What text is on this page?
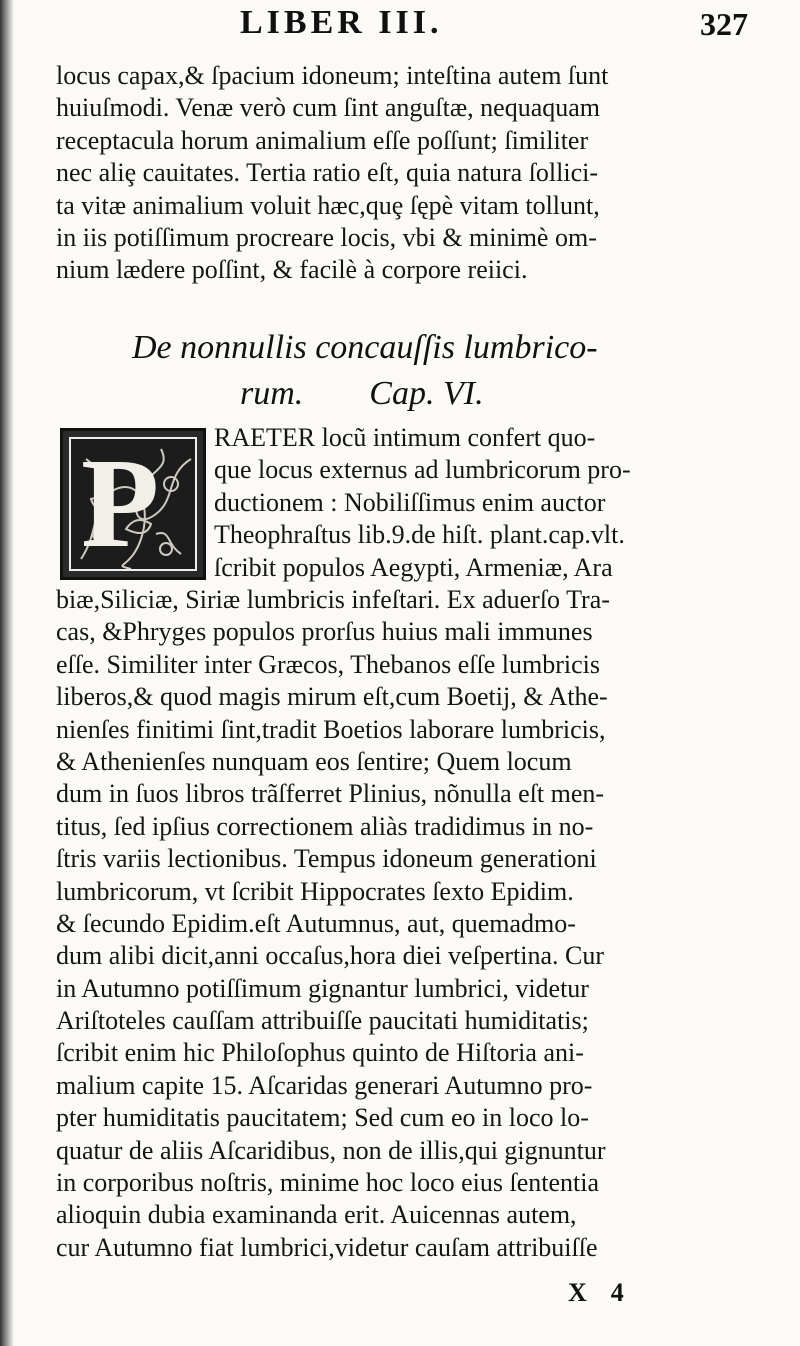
LIBER III.	327
locus capax,& ſpacium idoneum; inteſtina autem ſunt
huiuſmodi. Venæ verò cum ſint anguſtæ, nequaquam
receptacula horum animalium eſſe poſſunt; ſimiliter
nec aliȩ cauitates. Tertia ratio eſt, quia natura ſollici-
ta vitæ animalium voluit hæc,quȩ ſępè vitam tollunt,
in iis potiſſimum procreare locis, vbi & minimè om-
nium lædere poſſint, & facilè à corpore reiici.
De nonnullis concauſſis lumbrico-
rum. Cap. VI.
P	RAETER locũ intimum confert quo-
que locus externus ad lumbricorum pro-
ductionem : Nobiliſſimus enim auctor
Theophraſtus lib.9.de hiſt. plant.cap.vlt.
ſcribit populos Aegypti, Armeniæ, Ara
biæ,Siliciæ, Siriæ lumbricis infeſtari. Ex aduerſo Tra-
cas, &Phryges populos prorſus huius mali immunes
eſſe. Similiter inter Græcos, Thebanos eſſe lumbricis
liberos,& quod magis mirum eſt,cum Boetij, & Athe-
nienſes finitimi ſint,tradit Boetios laborare lumbricis,
& Athenienſes nunquam eos ſentire; Quem locum
dum in ſuos libros trãſferret Plinius, nõnulla eſt men-
titus, ſed ipſius correctionem aliàs tradidimus in no-
ſtris variis lectionibus. Tempus idoneum generationi
lumbricorum, vt ſcribit Hippocrates ſexto Epidim.
& ſecundo Epidim.eſt Autumnus, aut, quemadmo-
dum alibi dicit,anni occaſus,hora diei veſpertina. Cur
in Autumno potiſſimum gignantur lumbrici, videtur
Ariſtoteles cauſſam attribuiſſe paucitati humiditatis;
ſcribit enim hic Philoſophus quinto de Hiſtoria ani-
malium capite 15. Aſcaridas generari Autumno pro-
pter humiditatis paucitatem; Sed cum eo in loco lo-
quatur de aliis Aſcaridibus, non de illis,qui gignuntur
in corporibus noſtris, minime hoc loco eius ſententia
alioquin dubia examinanda erit. Auicennas autem,
cur Autumno fiat lumbrici,videtur cauſam attribuiſſe
X 4
